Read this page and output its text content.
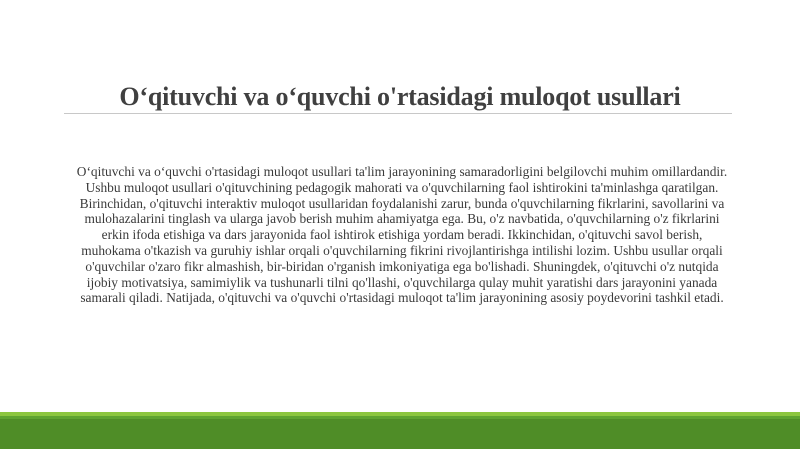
O‘qituvchi va o‘quvchi o'rtasidagi muloqot usullari
O‘qituvchi va o‘quvchi o'rtasidagi muloqot usullari ta'lim jarayonining samaradorligini belgilovchi muhim omillardandir. Ushbu muloqot usullari o'qituvchining pedagogik mahorati va o'quvchilarning faol ishtirokini ta'minlashga qaratilgan. Birinchidan, o'qituvchi interaktiv muloqot usullaridan foydalanishi zarur, bunda o'quvchilarning fikrlarini, savollarini va mulohazalarini tinglash va ularga javob berish muhim ahamiyatga ega. Bu, o'z navbatida, o'quvchilarning o'z fikrlarini erkin ifoda etishiga va dars jarayonida faol ishtirok etishiga yordam beradi. Ikkinchidan, o'qituvchi savol berish, muhokama o'tkazish va guruhiy ishlar orqali o'quvchilarning fikrini rivojlantirishga intilishi lozim. Ushbu usullar orqali o'quvchilar o'zaro fikr almashish, bir-biridan o'rganish imkoniyatiga ega bo'lishadi. Shuningdek, o'qituvchi o'z nutqida ijobiy motivatsiya, samimiylik va tushunarli tilni qo'llashi, o'quvchilarga qulay muhit yaratishi dars jarayonini yanada samarali qiladi. Natijada, o'qituvchi va o'quvchi o'rtasidagi muloqot ta'lim jarayonining asosiy poydevorini tashkil etadi.
